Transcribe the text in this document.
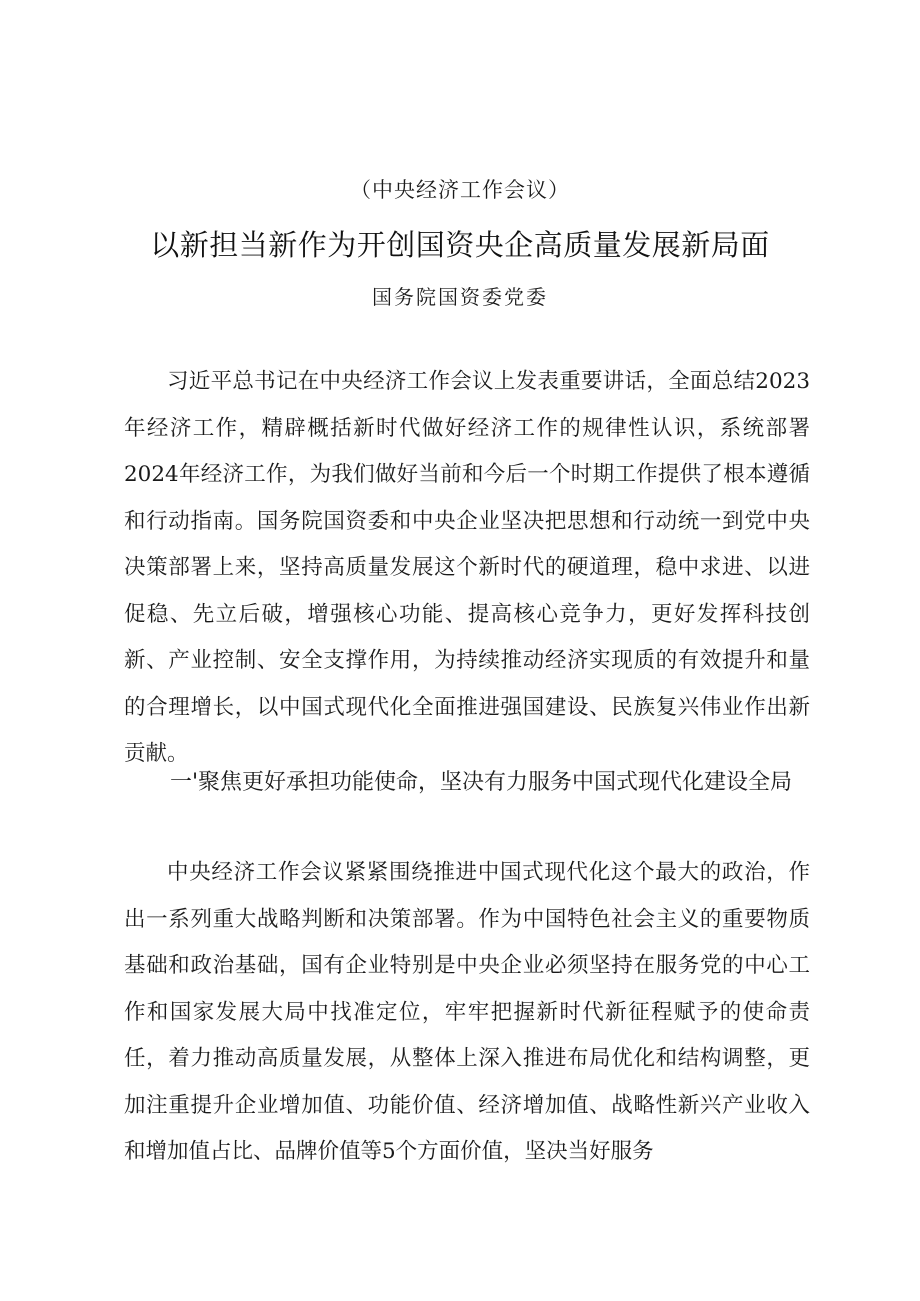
（中央经济工作会议）
以新担当新作为开创国资央企高质量发展新局面
国务院国资委党委

习近平总书记在中央经济工作会议上发表重要讲话，全面总结2023年经济工作，精辟概括新时代做好经济工作的规律性认识，系统部署2024年经济工作，为我们做好当前和今后一个时期工作提供了根本遵循和行动指南。国务院国资委和中央企业坚决把思想和行动统一到党中央决策部署上来，坚持高质量发展这个新时代的硬道理，稳中求进、以进促稳、先立后破，增强核心功能、提高核心竞争力，更好发挥科技创新、产业控制、安全支撑作用，为持续推动经济实现质的有效提升和量的合理增长，以中国式现代化全面推进强国建设、民族复兴伟业作出新贡献。

一'聚焦更好承担功能使命，坚决有力服务中国式现代化建设全局

中央经济工作会议紧紧围绕推进中国式现代化这个最大的政治，作出一系列重大战略判断和决策部署。作为中国特色社会主义的重要物质基础和政治基础，国有企业特别是中央企业必须坚持在服务党的中心工作和国家发展大局中找准定位，牢牢把握新时代新征程赋予的使命责任，着力推动高质量发展，从整体上深入推进布局优化和结构调整，更加注重提升企业增加值、功能价值、经济增加值、战略性新兴产业收入和增加值占比、品牌价值等5个方面价值，坚决当好服务
